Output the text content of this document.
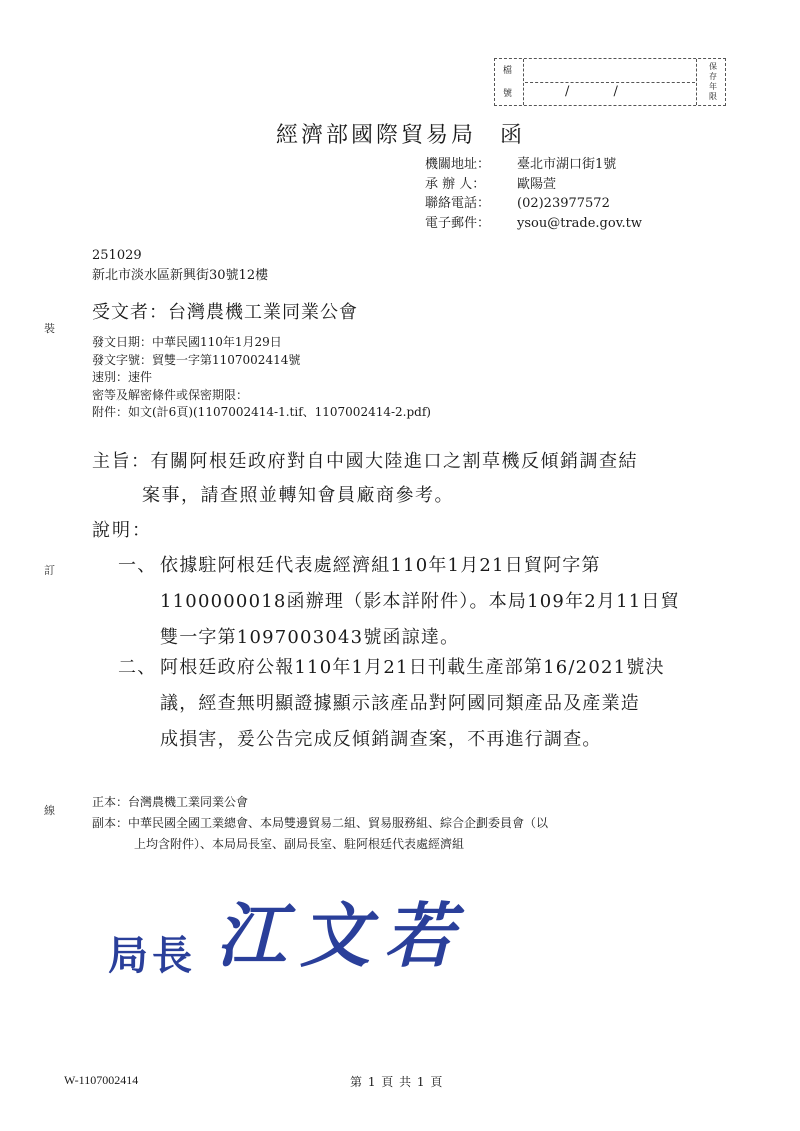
檔
號
保存年限
/ /
經濟部國際貿易局 函
機關地址： 臺北市湖口街1號
承 辦 人： 歐陽萱
聯絡電話： (02)23977572
電子郵件： ysou@trade.gov.tw
251029
新北市淡水區新興街30號12樓
受文者：台灣農機工業同業公會
發文日期：中華民國110年1月29日
發文字號：貿雙一字第1107002414號
速別：速件
密等及解密條件或保密期限：
附件：如文(計6頁)(1107002414-1.tif、1107002414-2.pdf)
主旨：有關阿根廷政府對自中國大陸進口之割草機反傾銷調查結
案事，請查照並轉知會員廠商參考。
說明：
一、 依據駐阿根廷代表處經濟組110年1月21日貿阿字第
1100000018函辦理（影本詳附件）。本局109年2月11日貿
雙一字第1097003043號函諒達。
二、 阿根廷政府公報110年1月21日刊載生產部第16/2021號決
議，經查無明顯證據顯示該產品對阿國同類產品及產業造
成損害，爰公告完成反傾銷調查案，不再進行調查。
正本：台灣農機工業同業公會
副本：中華民國全國工業總會、本局雙邊貿易二組、貿易服務組、綜合企劃委員會（以
上均含附件）、本局局長室、副局長室、駐阿根廷代表處經濟組
裝
訂
線
局長 江文若
W-1107002414	第 1 頁 共 1 頁
